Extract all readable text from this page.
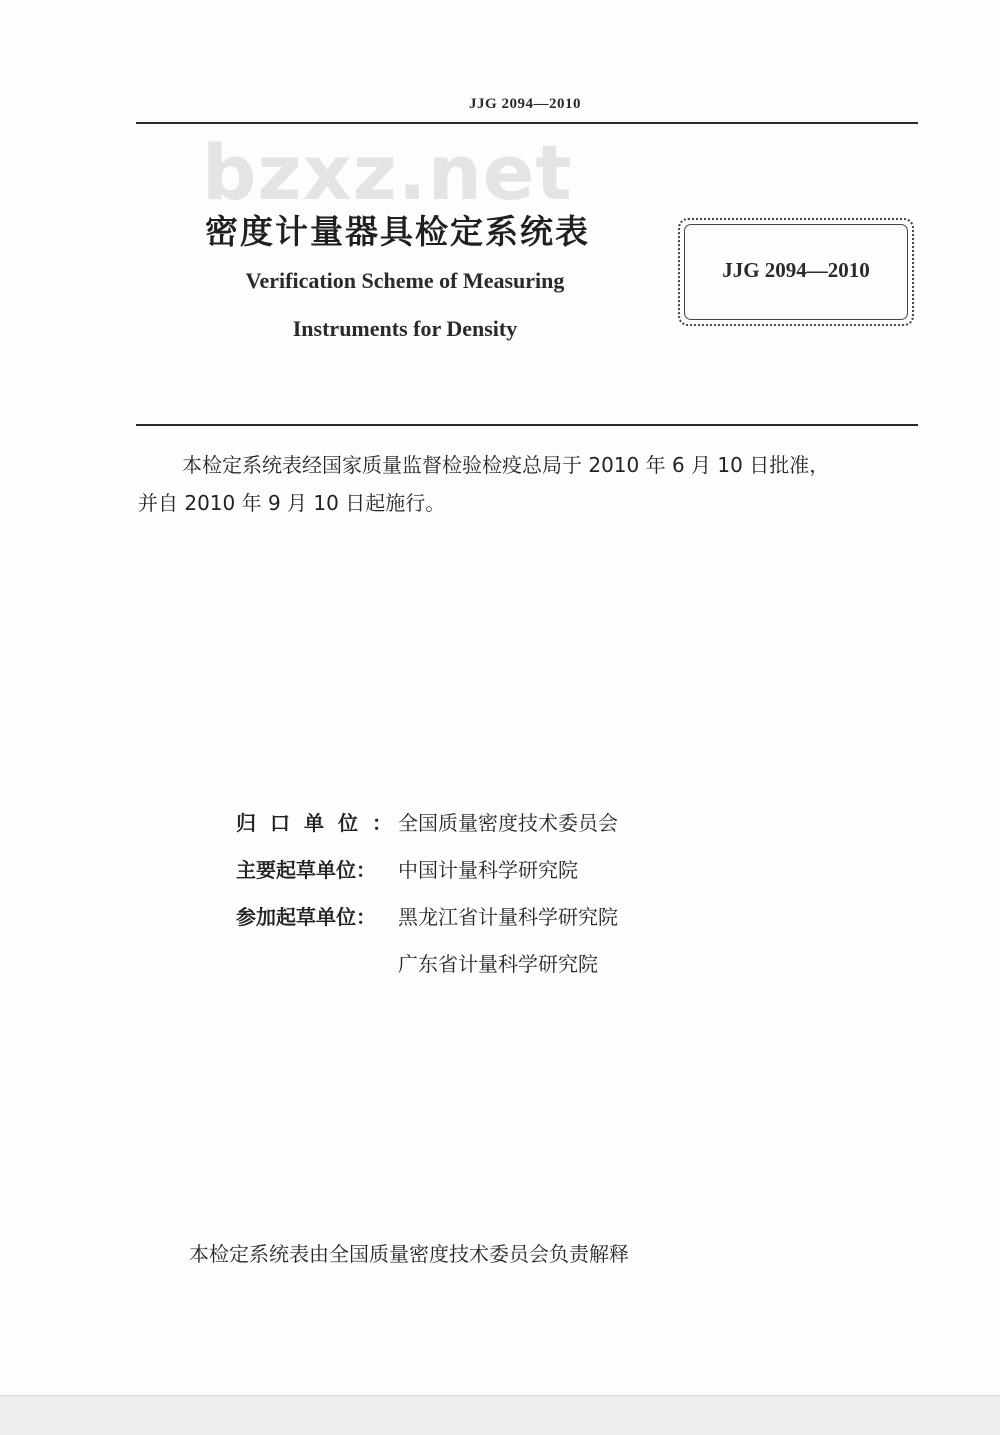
JJG 2094—2010
bzxz.net
密度计量器具检定系统表
Verification Scheme of Measuring
Instruments for Density
JJG 2094—2010
本检定系统表经国家质量监督检验检疫总局于 2010 年 6 月 10 日批准，
并自 2010 年 9 月 10 日起施行。
归口单位：全国质量密度技术委员会
主要起草单位： 中国计量科学研究院
参加起草单位： 黑龙江省计量科学研究院
广东省计量科学研究院
本检定系统表由全国质量密度技术委员会负责解释
